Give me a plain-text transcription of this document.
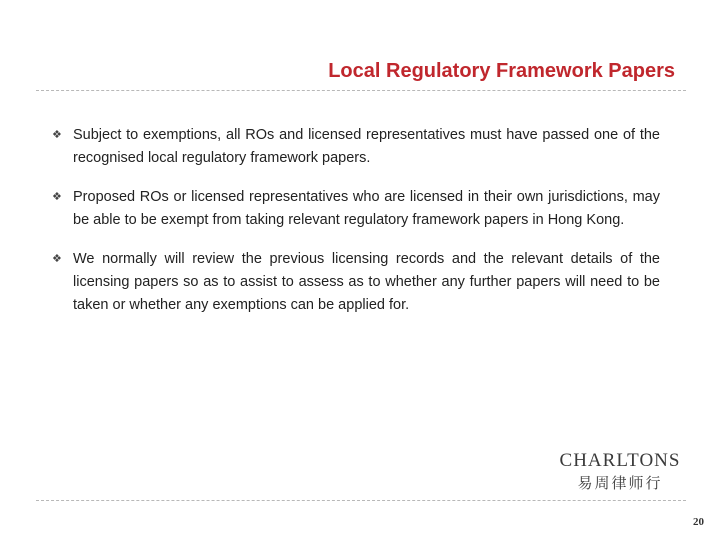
Local Regulatory Framework Papers
❖ Subject to exemptions, all ROs and licensed representatives must have passed one of the recognised local regulatory framework papers.
❖ Proposed ROs or licensed representatives who are licensed in their own jurisdictions, may be able to be exempt from taking relevant regulatory framework papers in Hong Kong.
❖ We normally will review the previous licensing records and the relevant details of the licensing papers so as to assist to assess as to whether any further papers will need to be taken or whether any exemptions can be applied for.
CHARLTONS
易周律师行
20
